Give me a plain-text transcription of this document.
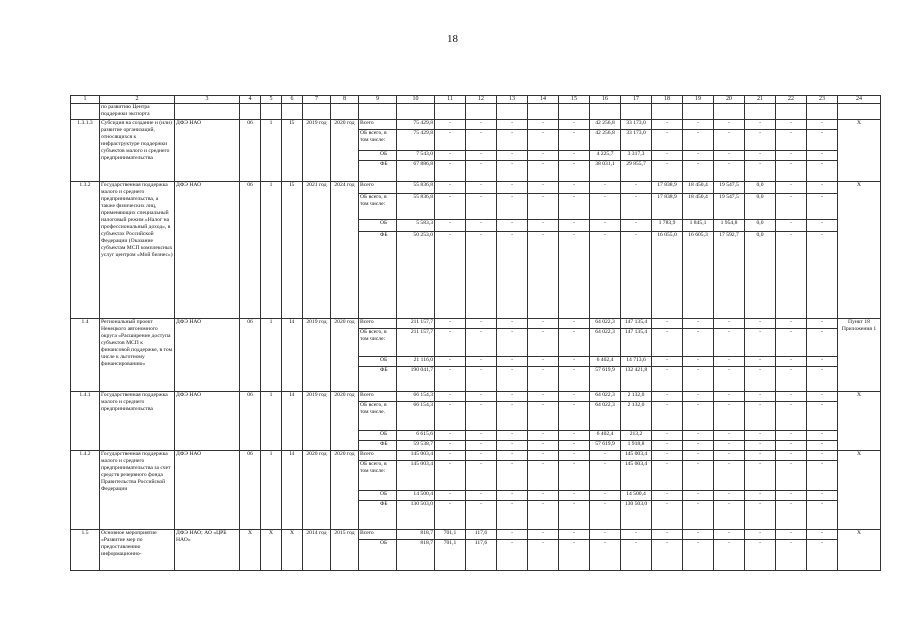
18
1	2	3	4	5	6	7	8	9	10	11	12	13	14	15	16	17	18	19	20	21	22	23	24
	по развитию Центра поддержки экспорта																						
1.3.1.3	Субсидия на создание и (или) развитие организаций, относящихся к инфраструктуре поддержки субъектов малого и среднего предпринимательства	ДФЭ НАО	06	1	I5	2019 год	2020 год	Всего	75 429,8	-	-	-	-	-	42 256,8	33 173,0	-	-	-	-	-	-	X
								ОБ всего, в том числе:	75 429,8	-	-	-	-	-	42 256,8	33 173,0	-	-	-	-	-	-	
								ОБ	7 543,0	-	-	-	-	-	4 225,7	3 317,3	-	-	-	-	-	-	
								ФБ	67 886,8	-	-	-	-	-	38 031,1	29 855,7	-	-	-	-	-	-	
1.3.2	Государственная поддержка малого и среднего предпринимательства, а также физических лиц, применяющих специальный налоговый режим «Налог на профессиональный доход», в субъектах Российской Федерации (Оказание субъектам МСП комплексных услуг центром «Мой бизнес»)	ДФЭ НАО	06	1	I5	2021 год	2024 год	Всего	55 836,8	-	-	-	-	-	-	-	17 838,9	18 450,4	19 547,5	0,0	-	-	X
								ОБ всего, в том числе:	55 836,8	-	-	-	-	-	-	-	17 838,9	18 450,4	19 547,5	0,0	-	-	
								ОБ	5 583,3	-	-	-	-	-	-	-	1 783,9	1 845,1	1 954,8	0,0	-	-	
								ФБ	50 253,0	-	-	-	-	-	-	-	16 055,0	16 605,3	17 592,7	0,0	-	-	
1.4	Региональный проект Ненецкого автономного округа «Расширение доступа субъектов МСП к финансовой поддержке, в том числе к льготному финансированию»	ДФЭ НАО	06	1	I4	2019 год	2020 год	Всего	211 157,7	-	-	-	-	-	64 022,3	147 135,4	-	-	-	-	-	-	Пункт 18 Приложения 1
								ОБ всего, в том числе:	211 157,7	-	-	-	-	-	64 022,3	147 135,4	-	-	-	-	-	-	
								ОБ	21 116,0	-	-	-	-	-	6 402,4	14 713,6	-	-	-	-	-	-	
								ФБ	190 041,7	-	-	-	-	-	57 619,9	132 421,8	-	-	-	-	-	-	
1.4.1	Государственная поддержка малого и среднего предпринимательства	ДФЭ НАО	06	1	I4	2019 год	2020 год	Всего	66 154,3	-	-	-	-	-	64 022,3	2 132,0	-	-	-	-	-	-	X
								ОБ всего, в том числе.	66 154,3	-	-	-	-	-	64 022,3	2 132,0	-	-	-	-	-	-	
								ОБ	6 615,6	-	-	-	-	-	6 402,4	213,2	-	-	-	-	-	-	
								ФБ	59 538,7	-	-	-	-	-	57 619,9	1 918,8	-	-	-	-	-	-	
1.4.2	Государственная поддержка малого и среднего предпринимательства за счет средств резервного фонда Правительства Российской Федерации	ДФЭ НАО	06	1	I4	2020 год	2020 год	Всего	145 003,4	-	-	-	-	-	-	145 003,4	-	-	-	-	-	-	X
								ОБ всего, в том числе:	145 003,4	-	-	-	-	-	-	145 003,4	-	-	-	-	-	-	
								ОБ	14 500,4	-	-	-	-	-	-	14 500,4	-	-	-	-	-	-	
								ФБ	130 503,0	-	-	-	-	-	-	130 503,0	-	-	-	-	-	-	
1.5	Основное мероприятие «Развитие мер по предоставлению информационно-	ДФЭ НАО; АО «ЦРБ НАО»	X	X	X	2014 год	2015 год	Всего	818,7	701,1	117,6	-	-	-	-	-	-	-	-	-	-	-	X
								ОБ	818,7	701,1	117,6	-	-	-	-	-	-	-	-	-	-	-	
